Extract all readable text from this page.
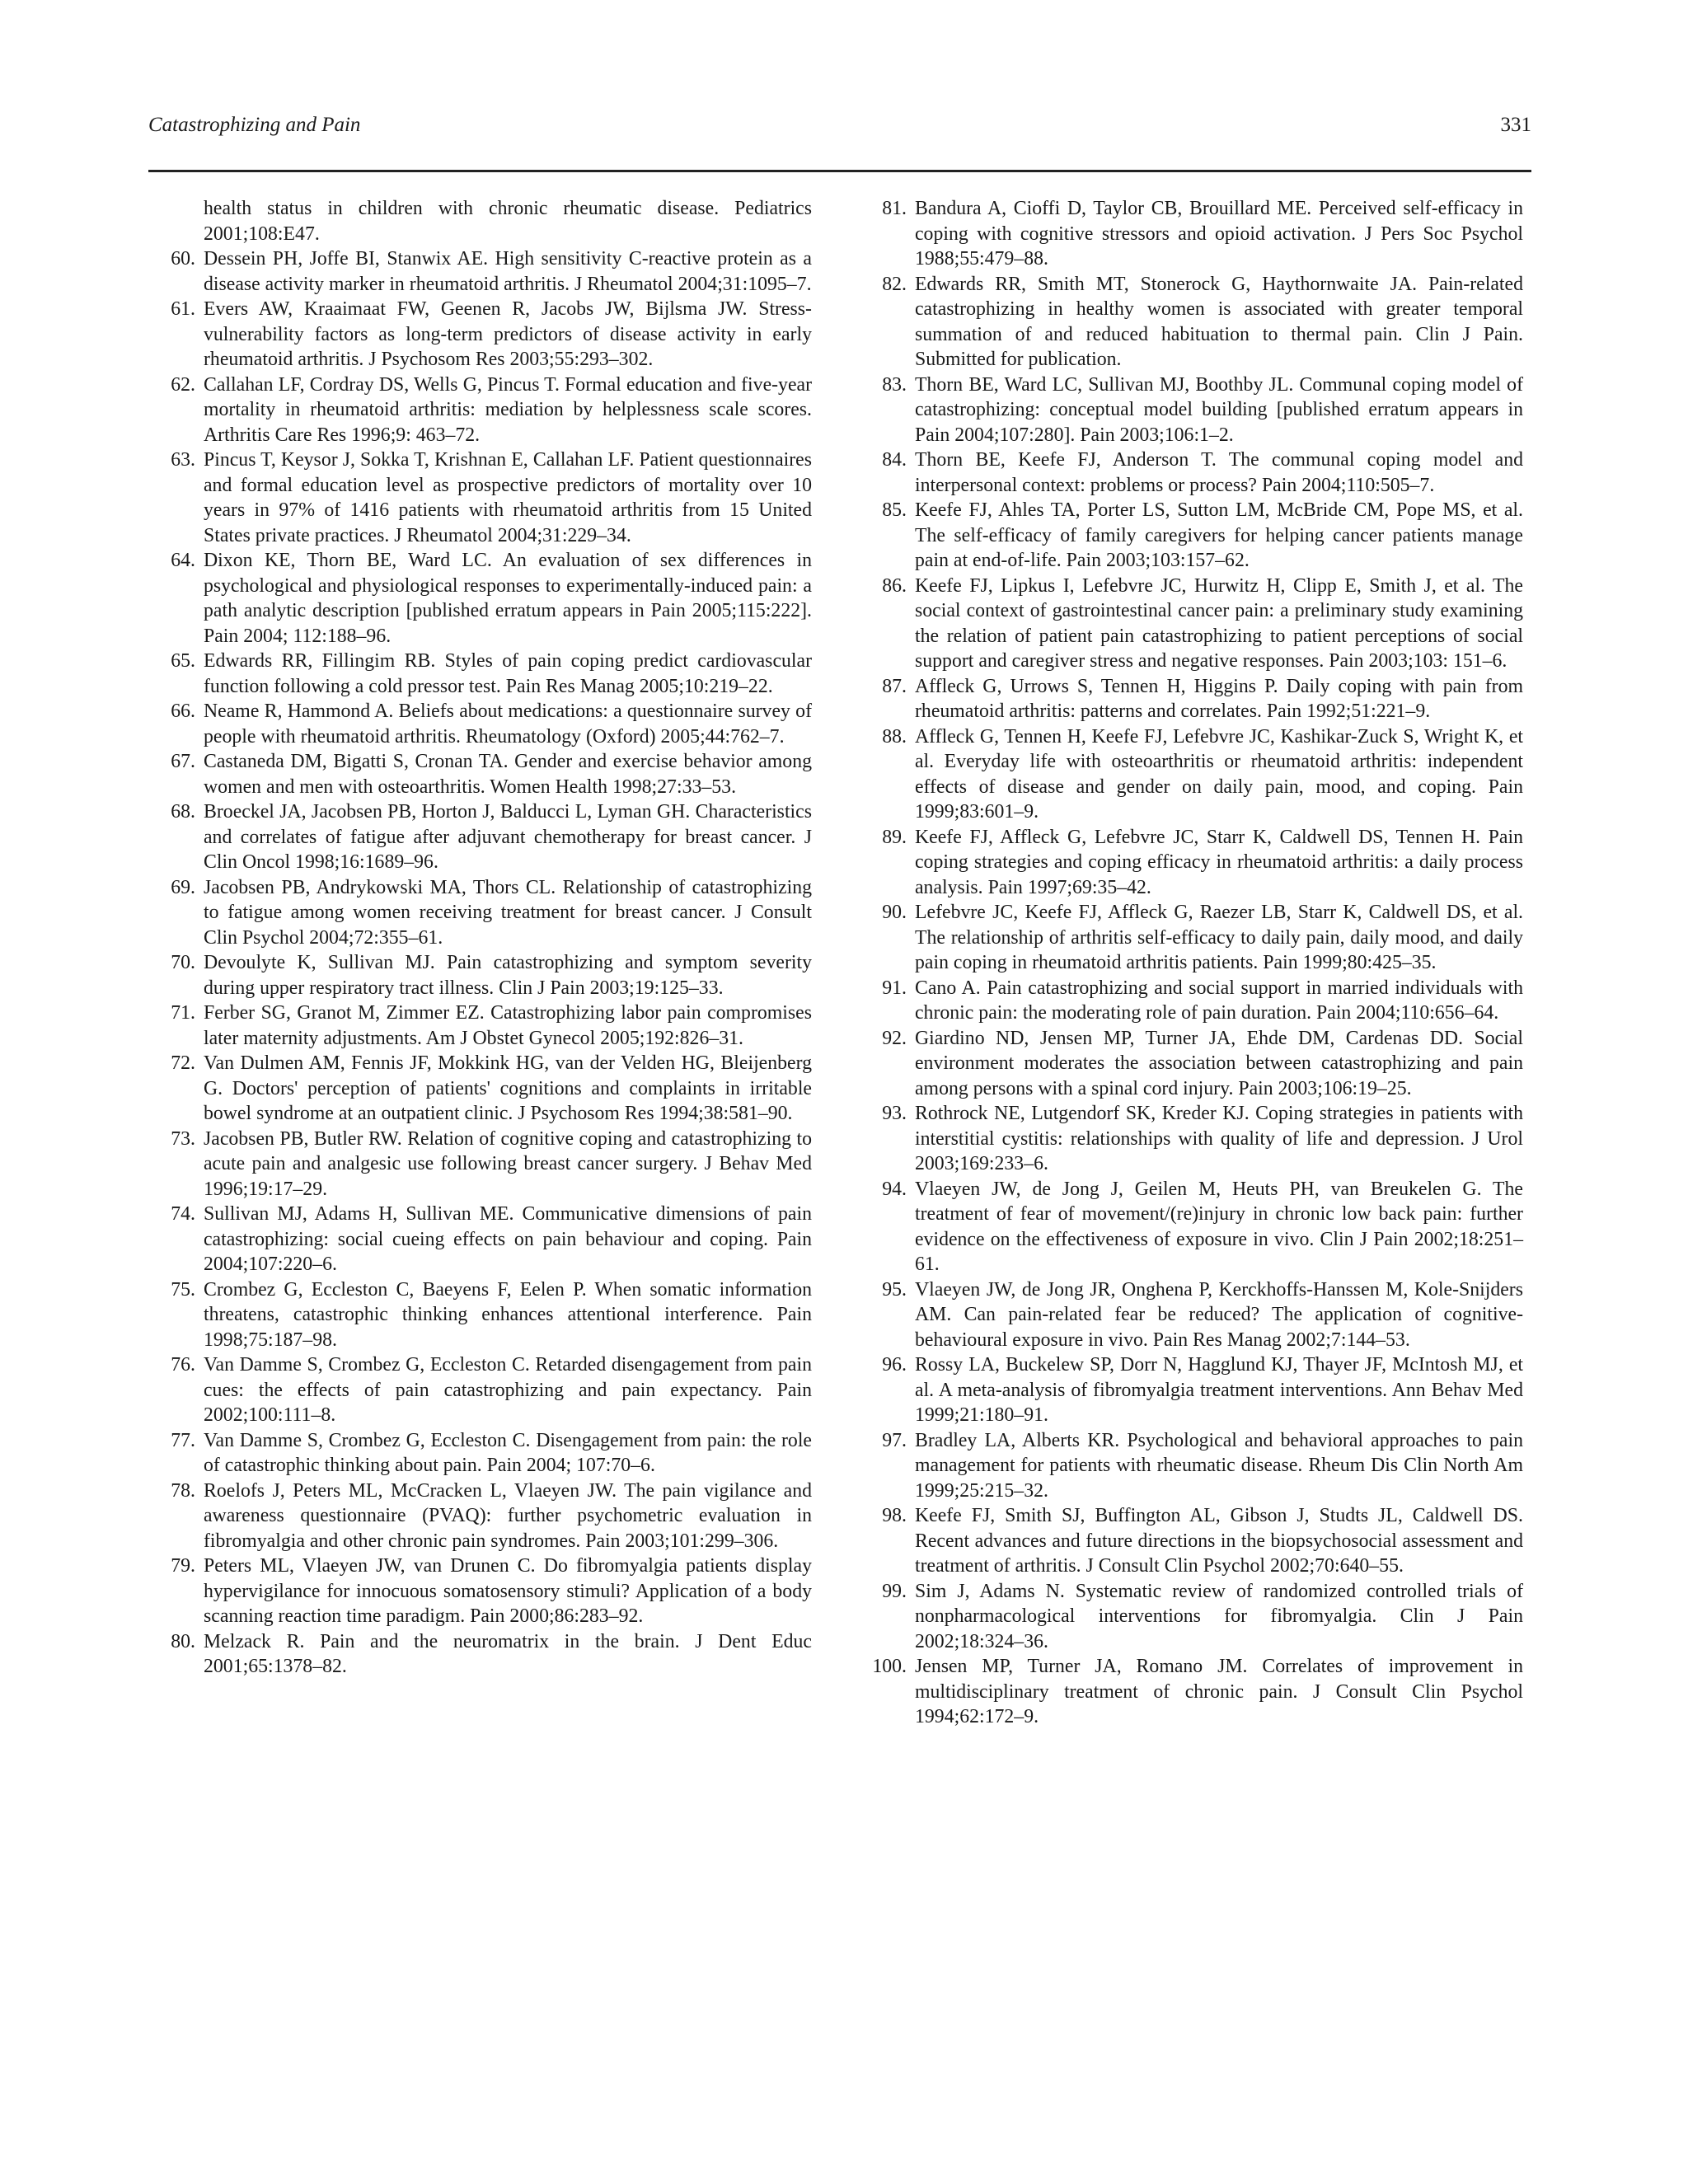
Catastrophizing and Pain	331
health status in children with chronic rheumatic disease. Pediatrics 2001;108:E47.
60. Dessein PH, Joffe BI, Stanwix AE. High sensitivity C-reactive protein as a disease activity marker in rheumatoid arthritis. J Rheumatol 2004;31:1095–7.
61. Evers AW, Kraaimaat FW, Geenen R, Jacobs JW, Bijlsma JW. Stress-vulnerability factors as long-term predictors of disease activity in early rheumatoid arthritis. J Psychosom Res 2003;55:293–302.
62. Callahan LF, Cordray DS, Wells G, Pincus T. Formal education and five-year mortality in rheumatoid arthritis: mediation by helplessness scale scores. Arthritis Care Res 1996;9: 463–72.
63. Pincus T, Keysor J, Sokka T, Krishnan E, Callahan LF. Patient questionnaires and formal education level as prospective predictors of mortality over 10 years in 97% of 1416 patients with rheumatoid arthritis from 15 United States private practices. J Rheumatol 2004;31:229–34.
64. Dixon KE, Thorn BE, Ward LC. An evaluation of sex differences in psychological and physiological responses to experimentally-induced pain: a path analytic description [published erratum appears in Pain 2005;115:222]. Pain 2004; 112:188–96.
65. Edwards RR, Fillingim RB. Styles of pain coping predict cardiovascular function following a cold pressor test. Pain Res Manag 2005;10:219–22.
66. Neame R, Hammond A. Beliefs about medications: a questionnaire survey of people with rheumatoid arthritis. Rheumatology (Oxford) 2005;44:762–7.
67. Castaneda DM, Bigatti S, Cronan TA. Gender and exercise behavior among women and men with osteoarthritis. Women Health 1998;27:33–53.
68. Broeckel JA, Jacobsen PB, Horton J, Balducci L, Lyman GH. Characteristics and correlates of fatigue after adjuvant chemotherapy for breast cancer. J Clin Oncol 1998;16:1689–96.
69. Jacobsen PB, Andrykowski MA, Thors CL. Relationship of catastrophizing to fatigue among women receiving treatment for breast cancer. J Consult Clin Psychol 2004;72:355–61.
70. Devoulyte K, Sullivan MJ. Pain catastrophizing and symptom severity during upper respiratory tract illness. Clin J Pain 2003;19:125–33.
71. Ferber SG, Granot M, Zimmer EZ. Catastrophizing labor pain compromises later maternity adjustments. Am J Obstet Gynecol 2005;192:826–31.
72. Van Dulmen AM, Fennis JF, Mokkink HG, van der Velden HG, Bleijenberg G. Doctors' perception of patients' cognitions and complaints in irritable bowel syndrome at an outpatient clinic. J Psychosom Res 1994;38:581–90.
73. Jacobsen PB, Butler RW. Relation of cognitive coping and catastrophizing to acute pain and analgesic use following breast cancer surgery. J Behav Med 1996;19:17–29.
74. Sullivan MJ, Adams H, Sullivan ME. Communicative dimensions of pain catastrophizing: social cueing effects on pain behaviour and coping. Pain 2004;107:220–6.
75. Crombez G, Eccleston C, Baeyens F, Eelen P. When somatic information threatens, catastrophic thinking enhances attentional interference. Pain 1998;75:187–98.
76. Van Damme S, Crombez G, Eccleston C. Retarded disengagement from pain cues: the effects of pain catastrophizing and pain expectancy. Pain 2002;100:111–8.
77. Van Damme S, Crombez G, Eccleston C. Disengagement from pain: the role of catastrophic thinking about pain. Pain 2004; 107:70–6.
78. Roelofs J, Peters ML, McCracken L, Vlaeyen JW. The pain vigilance and awareness questionnaire (PVAQ): further psychometric evaluation in fibromyalgia and other chronic pain syndromes. Pain 2003;101:299–306.
79. Peters ML, Vlaeyen JW, van Drunen C. Do fibromyalgia patients display hypervigilance for innocuous somatosensory stimuli? Application of a body scanning reaction time paradigm. Pain 2000;86:283–92.
80. Melzack R. Pain and the neuromatrix in the brain. J Dent Educ 2001;65:1378–82.
81. Bandura A, Cioffi D, Taylor CB, Brouillard ME. Perceived self-efficacy in coping with cognitive stressors and opioid activation. J Pers Soc Psychol 1988;55:479–88.
82. Edwards RR, Smith MT, Stonerock G, Haythornwaite JA. Pain-related catastrophizing in healthy women is associated with greater temporal summation of and reduced habituation to thermal pain. Clin J Pain. Submitted for publication.
83. Thorn BE, Ward LC, Sullivan MJ, Boothby JL. Communal coping model of catastrophizing: conceptual model building [published erratum appears in Pain 2004;107:280]. Pain 2003;106:1–2.
84. Thorn BE, Keefe FJ, Anderson T. The communal coping model and interpersonal context: problems or process? Pain 2004;110:505–7.
85. Keefe FJ, Ahles TA, Porter LS, Sutton LM, McBride CM, Pope MS, et al. The self-efficacy of family caregivers for helping cancer patients manage pain at end-of-life. Pain 2003;103:157–62.
86. Keefe FJ, Lipkus I, Lefebvre JC, Hurwitz H, Clipp E, Smith J, et al. The social context of gastrointestinal cancer pain: a preliminary study examining the relation of patient pain catastrophizing to patient perceptions of social support and caregiver stress and negative responses. Pain 2003;103: 151–6.
87. Affleck G, Urrows S, Tennen H, Higgins P. Daily coping with pain from rheumatoid arthritis: patterns and correlates. Pain 1992;51:221–9.
88. Affleck G, Tennen H, Keefe FJ, Lefebvre JC, Kashikar-Zuck S, Wright K, et al. Everyday life with osteoarthritis or rheumatoid arthritis: independent effects of disease and gender on daily pain, mood, and coping. Pain 1999;83:601–9.
89. Keefe FJ, Affleck G, Lefebvre JC, Starr K, Caldwell DS, Tennen H. Pain coping strategies and coping efficacy in rheumatoid arthritis: a daily process analysis. Pain 1997;69:35–42.
90. Lefebvre JC, Keefe FJ, Affleck G, Raezer LB, Starr K, Caldwell DS, et al. The relationship of arthritis self-efficacy to daily pain, daily mood, and daily pain coping in rheumatoid arthritis patients. Pain 1999;80:425–35.
91. Cano A. Pain catastrophizing and social support in married individuals with chronic pain: the moderating role of pain duration. Pain 2004;110:656–64.
92. Giardino ND, Jensen MP, Turner JA, Ehde DM, Cardenas DD. Social environment moderates the association between catastrophizing and pain among persons with a spinal cord injury. Pain 2003;106:19–25.
93. Rothrock NE, Lutgendorf SK, Kreder KJ. Coping strategies in patients with interstitial cystitis: relationships with quality of life and depression. J Urol 2003;169:233–6.
94. Vlaeyen JW, de Jong J, Geilen M, Heuts PH, van Breukelen G. The treatment of fear of movement/(re)injury in chronic low back pain: further evidence on the effectiveness of exposure in vivo. Clin J Pain 2002;18:251–61.
95. Vlaeyen JW, de Jong JR, Onghena P, Kerckhoffs-Hanssen M, Kole-Snijders AM. Can pain-related fear be reduced? The application of cognitive-behavioural exposure in vivo. Pain Res Manag 2002;7:144–53.
96. Rossy LA, Buckelew SP, Dorr N, Hagglund KJ, Thayer JF, McIntosh MJ, et al. A meta-analysis of fibromyalgia treatment interventions. Ann Behav Med 1999;21:180–91.
97. Bradley LA, Alberts KR. Psychological and behavioral approaches to pain management for patients with rheumatic disease. Rheum Dis Clin North Am 1999;25:215–32.
98. Keefe FJ, Smith SJ, Buffington AL, Gibson J, Studts JL, Caldwell DS. Recent advances and future directions in the biopsychosocial assessment and treatment of arthritis. J Consult Clin Psychol 2002;70:640–55.
99. Sim J, Adams N. Systematic review of randomized controlled trials of nonpharmacological interventions for fibromyalgia. Clin J Pain 2002;18:324–36.
100. Jensen MP, Turner JA, Romano JM. Correlates of improvement in multidisciplinary treatment of chronic pain. J Consult Clin Psychol 1994;62:172–9.
